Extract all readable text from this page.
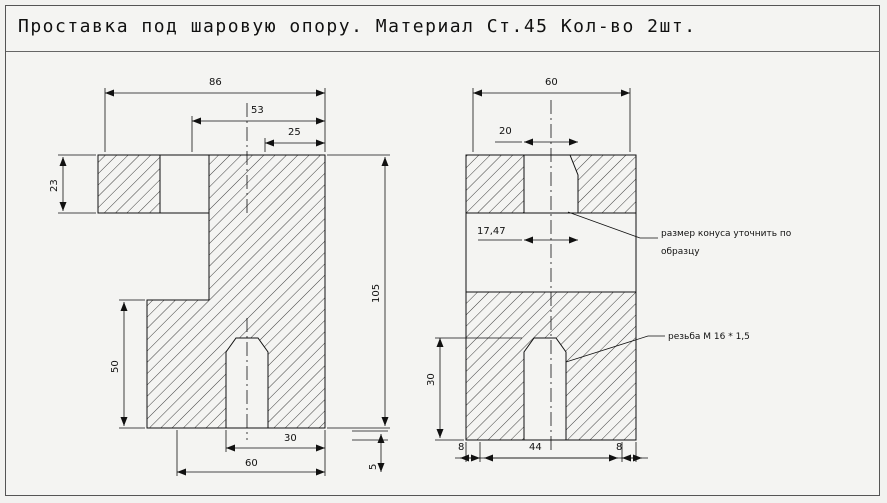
Проставка под шаровую опору. Материал Ст.45 Кол-во 2шт.
86
53
25
23
105
50
30
60	5
60
20
17,47
30
8	44	8
размер конуса уточнить по
образцу
резьба М 16 * 1,5
